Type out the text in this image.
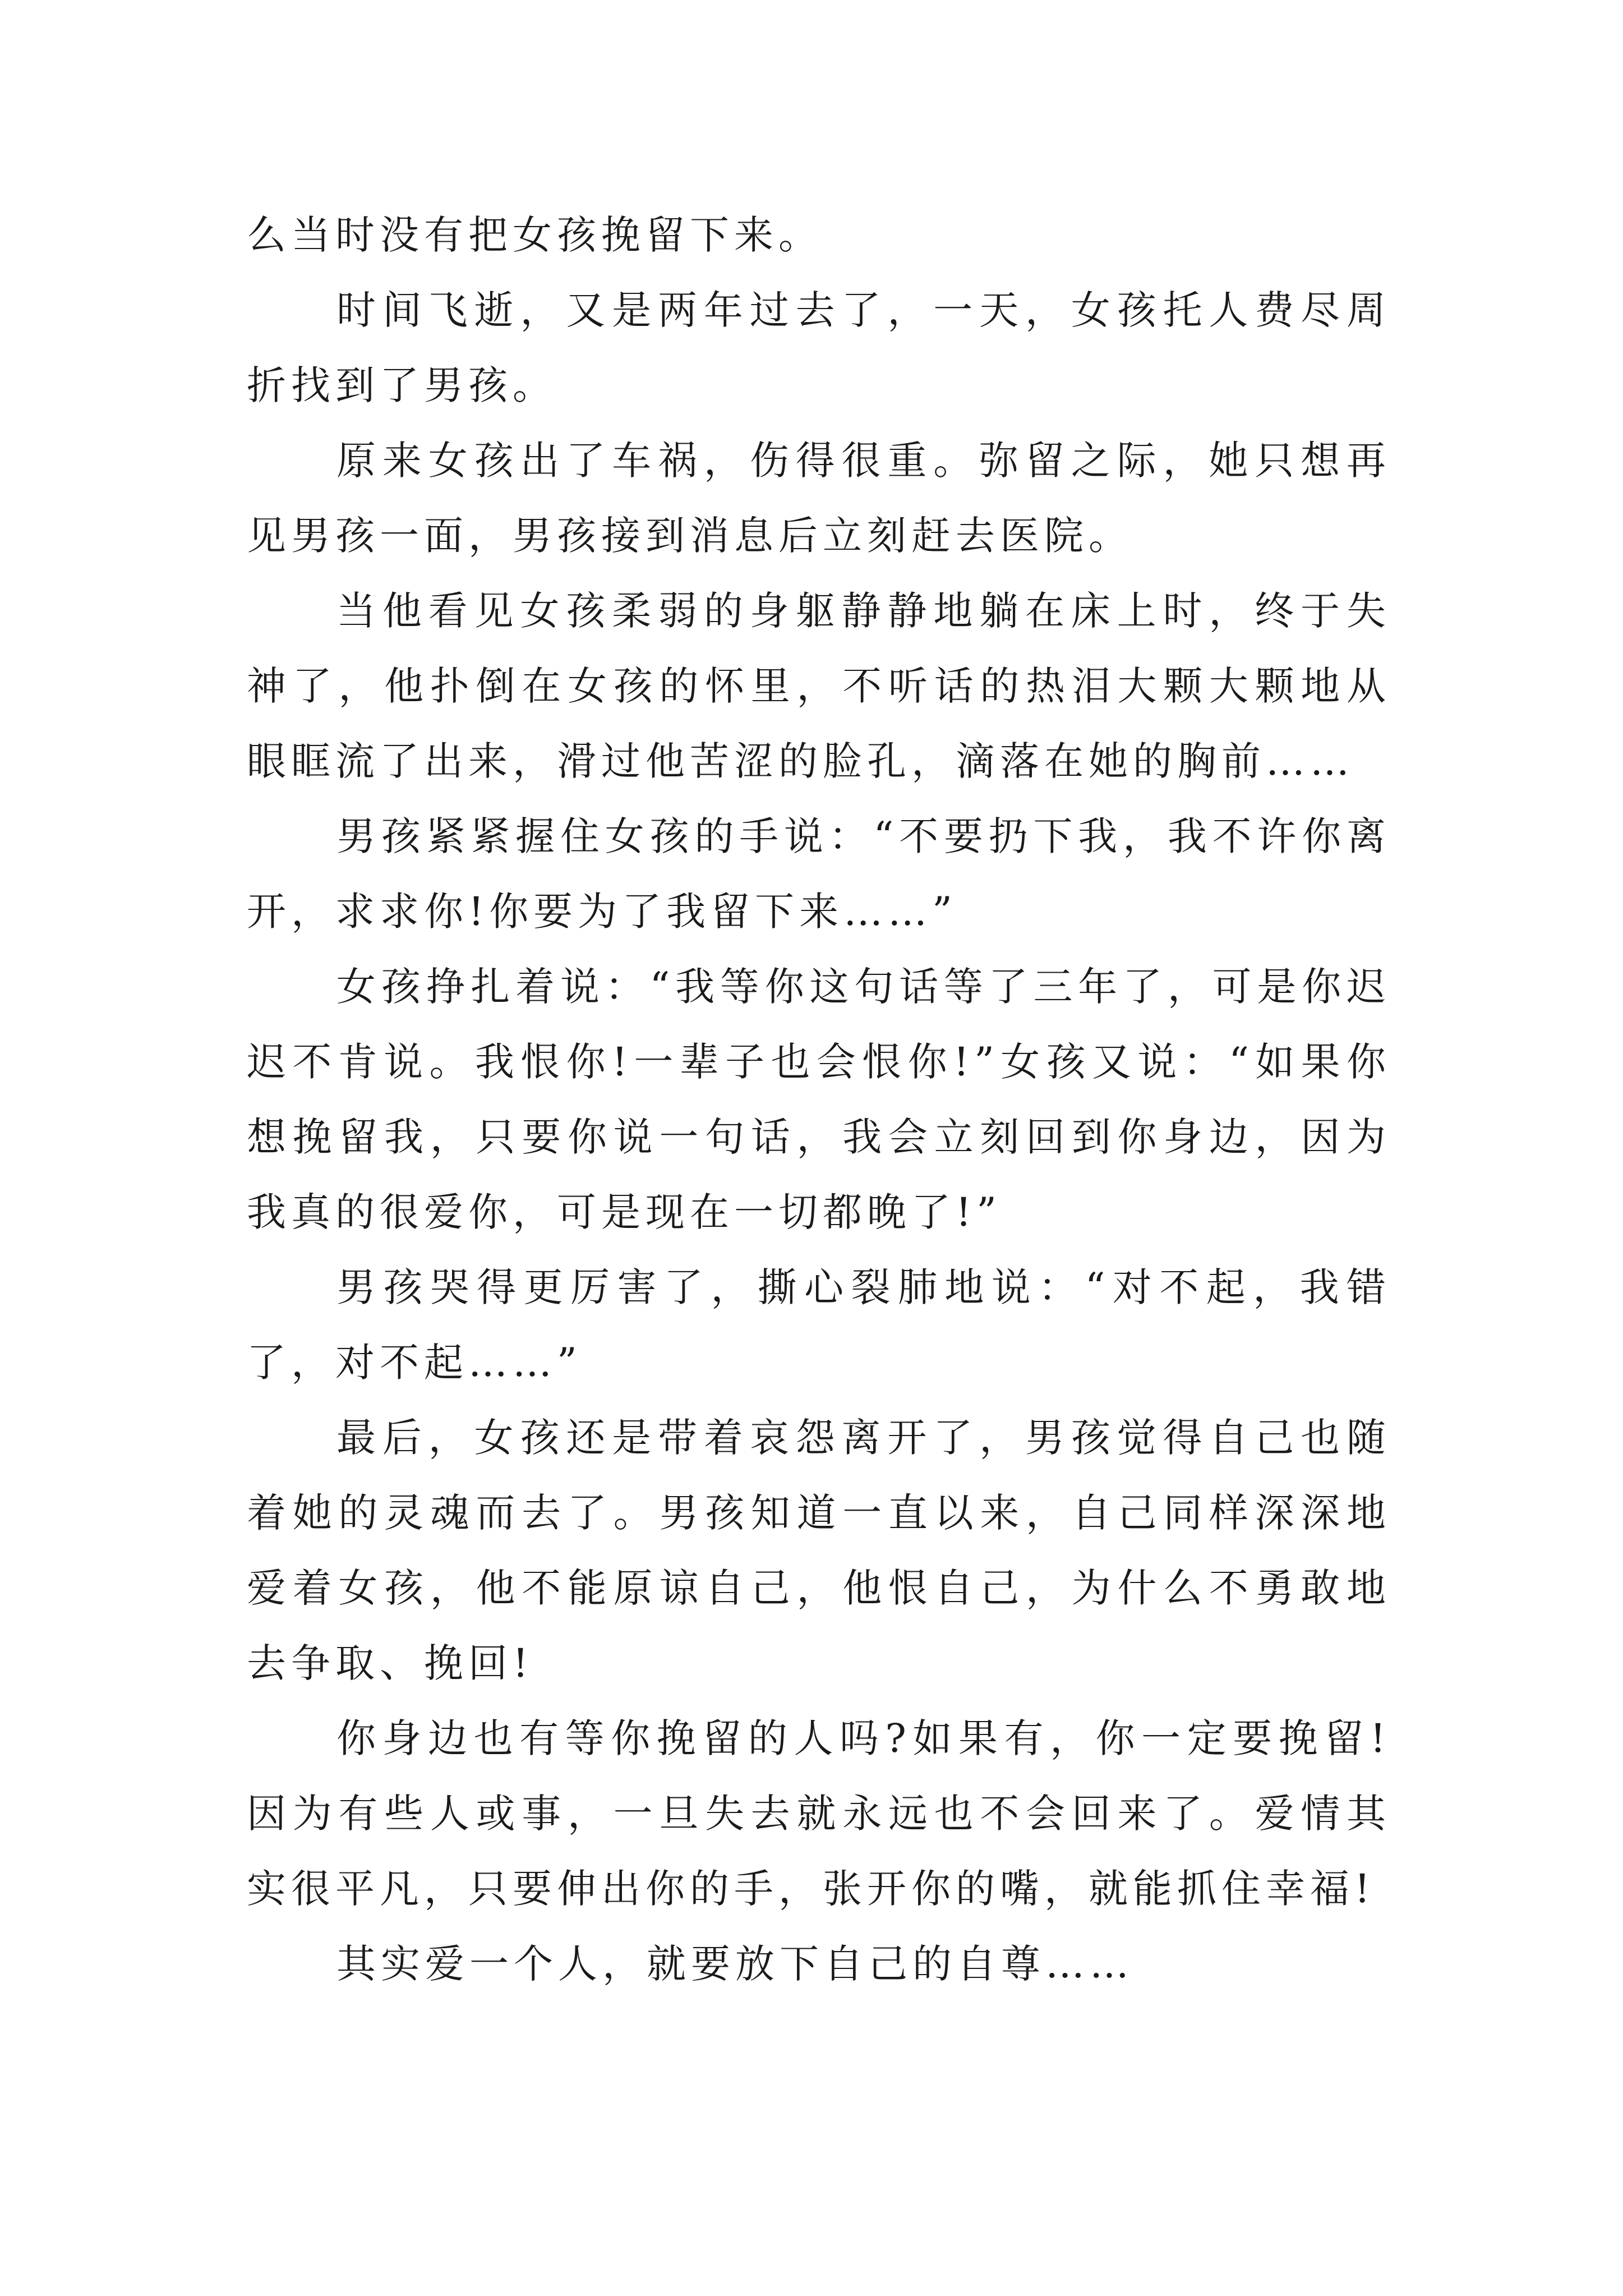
么当时没有把女孩挽留下来。

时间飞逝，又是两年过去了，一天，女孩托人费尽周折找到了男孩。

原来女孩出了车祸，伤得很重。弥留之际，她只想再见男孩一面，男孩接到消息后立刻赶去医院。

当他看见女孩柔弱的身躯静静地躺在床上时，终于失神了，他扑倒在女孩的怀里，不听话的热泪大颗大颗地从眼眶流了出来，滑过他苦涩的脸孔，滴落在她的胸前……

男孩紧紧握住女孩的手说：“不要扔下我，我不许你离开，求求你!你要为了我留下来……”

女孩挣扎着说：“我等你这句话等了三年了，可是你迟迟不肯说。我恨你!一辈子也会恨你!”女孩又说：“如果你想挽留我，只要你说一句话，我会立刻回到你身边，因为我真的很爱你，可是现在一切都晚了!”

男孩哭得更厉害了，撕心裂肺地说：“对不起，我错了，对不起……”

最后，女孩还是带着哀怨离开了，男孩觉得自己也随着她的灵魂而去了。男孩知道一直以来，自己同样深深地爱着女孩，他不能原谅自己，他恨自己，为什么不勇敢地去争取、挽回!

你身边也有等你挽留的人吗?如果有，你一定要挽留!因为有些人或事，一旦失去就永远也不会回来了。爱情其实很平凡，只要伸出你的手，张开你的嘴，就能抓住幸福!

其实爱一个人，就要放下自己的自尊……
